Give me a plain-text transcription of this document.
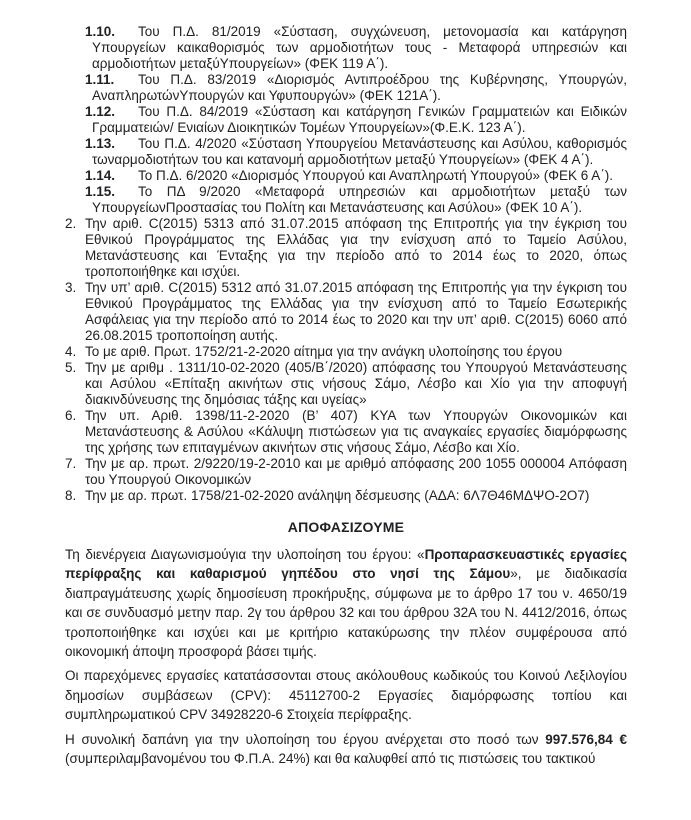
1.10. Του Π.Δ. 81/2019 «Σύσταση, συγχώνευση, μετονομασία και κατάργηση Υπουργείων καικαθορισμός των αρμοδιοτήτων τους - Μεταφορά υπηρεσιών και αρμοδιοτήτων μεταξύΥπουργείων» (ΦΕΚ 119 Α΄).
1.11. Του Π.Δ. 83/2019 «Διορισμός Αντιπροέδρου της Κυβέρνησης, Υπουργών, ΑναπληρωτώνΥπουργών και Υφυπουργών» (ΦΕΚ 121Α΄).
1.12. Του Π.Δ. 84/2019 «Σύσταση και κατάργηση Γενικών Γραμματειών και Ειδικών Γραμματειών/ Ενιαίων Διοικητικών Τομέων Υπουργείων»(Φ.Ε.Κ. 123 Α΄).
1.13. Του Π.Δ. 4/2020 «Σύσταση Υπουργείου Μετανάστευσης και Ασύλου, καθορισμός τωναρμοδιοτήτων του και κατανομή αρμοδιοτήτων μεταξύ Υπουργείων» (ΦΕΚ 4 Α΄).
1.14. Το Π.Δ. 6/2020 «Διορισμός Υπουργού και Αναπληρωτή Υπουργού» (ΦΕΚ 6 Α΄).
1.15. Το ΠΔ 9/2020 «Μεταφορά υπηρεσιών και αρμοδιοτήτων μεταξύ των ΥπουργείωνΠροστασίας του Πολίτη και Μετανάστευσης και Ασύλου» (ΦΕΚ 10 Α΄).
2. Την αριθ. C(2015) 5313 από 31.07.2015 απόφαση της Επιτροπής για την έγκριση του Εθνικού Προγράμματος της Ελλάδας για την ενίσχυση από το Ταμείο Ασύλου, Μετανάστευσης και Ένταξης για την περίοδο από το 2014 έως το 2020, όπως τροποποιήθηκε και ισχύει.
3. Την υπ’ αριθ. C(2015) 5312 από 31.07.2015 απόφαση της Επιτροπής για την έγκριση του Εθνικού Προγράμματος της Ελλάδας για την ενίσχυση από το Ταμείο Εσωτερικής Ασφάλειας για την περίοδο από το 2014 έως το 2020 και την υπ’ αριθ. C(2015) 6060 από 26.08.2015 τροποποίηση αυτής.
4. Το με αριθ. Πρωτ. 1752/21-2-2020 αίτημα για την ανάγκη υλοποίησης του έργου
5. Την με αριθμ . 1311/10-02-2020 (405/Β΄/2020) απόφασης του Υπουργού Μετανάστευσης και Ασύλου «Επίταξη ακινήτων στις νήσους Σάμο, Λέσβο και Χίο για την αποφυγή διακινδύνευσης της δημόσιας τάξης και υγείας»
6. Την υπ. Αριθ. 1398/11-2-2020 (Β’ 407) ΚΥΑ των Υπουργών Οικονομικών και Μετανάστευσης & Ασύλου «Κάλυψη πιστώσεων για τις αναγκαίες εργασίες διαμόρφωσης της χρήσης των επιταγμένων ακινήτων στις νήσους Σάμο, Λέσβο και Χίο.
7. Την με αρ. πρωτ. 2/9220/19-2-2010 και με αριθμό απόφασης 200 1055 000004 Απόφαση του Υπουργού Οικονομικών
8. Την με αρ. πρωτ. 1758/21-02-2020 ανάληψη δέσμευσης (ΑΔΑ: 6Λ7Θ46ΜΔΨΟ-2Ο7)
ΑΠΟΦΑΣΙΖΟΥΜΕ
Τη διενέργεια Διαγωνισμούγια την υλοποίηση του έργου: «Προπαρασκευαστικές εργασίες περίφραξης και καθαρισμού γηπέδου στο νησί της Σάμου», με διαδικασία διαπραγμάτευσης χωρίς δημοσίευση προκήρυξης, σύμφωνα με το άρθρο 17 του ν. 4650/19 και σε συνδυασμό μετην παρ. 2γ του άρθρου 32 και του άρθρου 32Α του Ν. 4412/2016, όπως τροποποιήθηκε και ισχύει και με κριτήριο κατακύρωσης την πλέον συμφέρουσα από οικονομική άποψη προσφορά βάσει τιμής.
Οι παρεχόμενες εργασίες κατατάσσονται στους ακόλουθους κωδικούς του Κοινού Λεξιλογίου δημοσίων συμβάσεων (CPV): 45112700-2 Εργασίες διαμόρφωσης τοπίου και συμπληρωματικού CPV 34928220-6 Στοιχεία περίφραξης.
Η συνολική δαπάνη για την υλοποίηση του έργου ανέρχεται στο ποσό των 997.576,84 € (συμπεριλαμβανομένου του Φ.Π.Α. 24%) και θα καλυφθεί από τις πιστώσεις του τακτικού
